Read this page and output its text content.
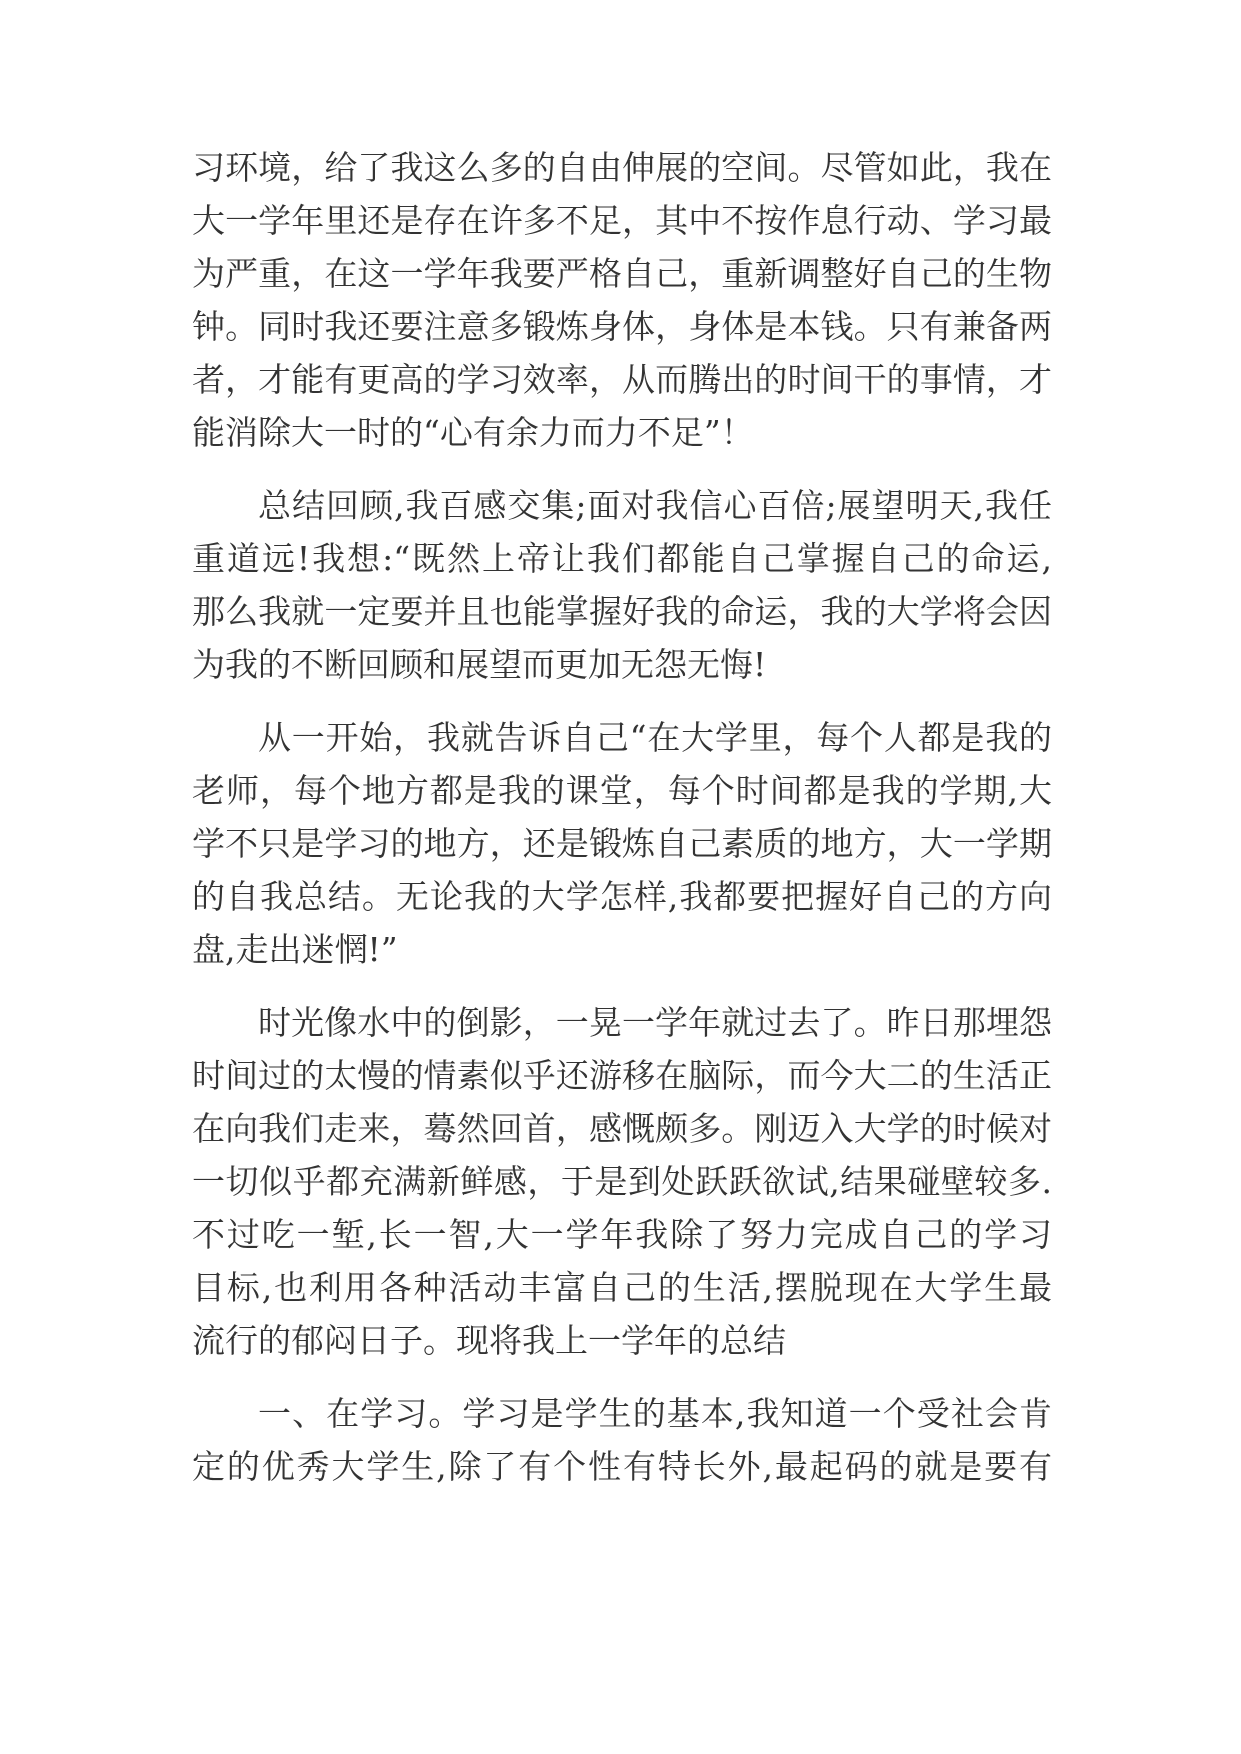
习环境，给了我这么多的自由伸展的空间。尽管如此，我在
大一学年里还是存在许多不足，其中不按作息行动、学习最
为严重，在这一学年我要严格自己，重新调整好自己的生物
钟。同时我还要注意多锻炼身体，身体是本钱。只有兼备两
者，才能有更高的学习效率，从而腾出的时间干的事情，才
能消除大一时的“心有余力而力不足”！
总结回顾,我百感交集;面对我信心百倍;展望明天,我任
重道远!我想:“既然上帝让我们都能自己掌握自己的命运,
那么我就一定要并且也能掌握好我的命运，我的大学将会因
为我的不断回顾和展望而更加无怨无悔!
从一开始，我就告诉自己“在大学里，每个人都是我的
老师，每个地方都是我的课堂，每个时间都是我的学期,大
学不只是学习的地方，还是锻炼自己素质的地方，大一学期
的自我总结。无论我的大学怎样,我都要把握好自己的方向
盘,走出迷惘!”
时光像水中的倒影，一晃一学年就过去了。昨日那埋怨
时间过的太慢的情素似乎还游移在脑际，而今大二的生活正
在向我们走来，蓦然回首，感慨颇多。刚迈入大学的时候对
一切似乎都充满新鲜感，于是到处跃跃欲试,结果碰壁较多.
不过吃一堑,长一智,大一学年我除了努力完成自己的学习
目标,也利用各种活动丰富自己的生活,摆脱现在大学生最
流行的郁闷日子。现将我上一学年的总结
一、在学习。学习是学生的基本,我知道一个受社会肯
定的优秀大学生,除了有个性有特长外,最起码的就是要有
